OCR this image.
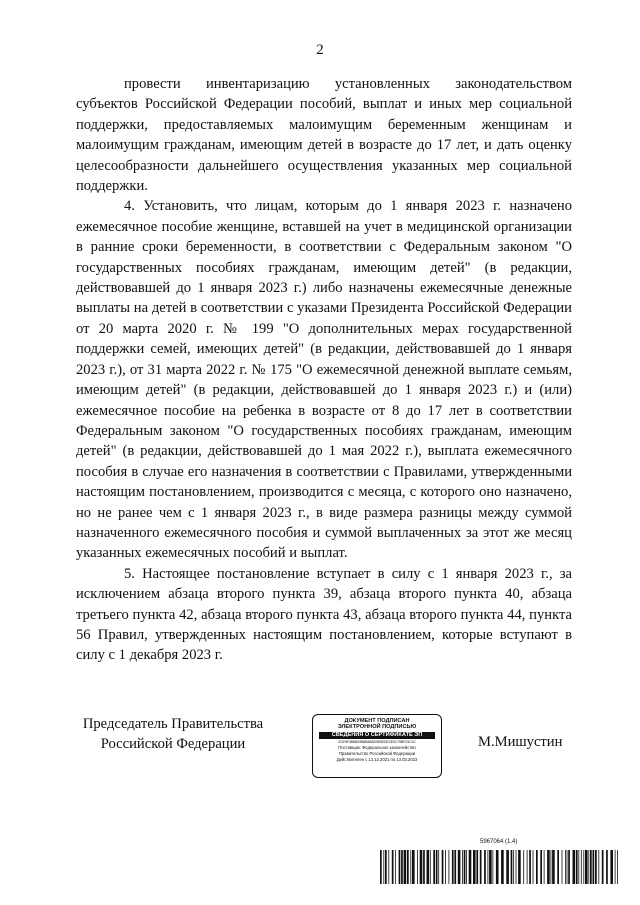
2

провести инвентаризацию установленных законодательством субъектов Российской Федерации пособий, выплат и иных мер социальной поддержки, предоставляемых малоимущим беременным женщинам и малоимущим гражданам, имеющим детей в возрасте до 17 лет, и дать оценку целесообразности дальнейшего осуществления указанных мер социальной поддержки.

4. Установить, что лицам, которым до 1 января 2023 г. назначено ежемесячное пособие женщине, вставшей на учет в медицинской организации в ранние сроки беременности, в соответствии с Федеральным законом "О государственных пособиях гражданам, имеющим детей" (в редакции, действовавшей до 1 января 2023 г.) либо назначены ежемесячные денежные выплаты на детей в соответствии с указами Президента Российской Федерации от 20 марта 2020 г. № 199 "О дополнительных мерах государственной поддержки семей, имеющих детей" (в редакции, действовавшей до 1 января 2023 г.), от 31 марта 2022 г. № 175 "О ежемесячной денежной выплате семьям, имеющим детей" (в редакции, действовавшей до 1 января 2023 г.) и (или) ежемесячное пособие на ребенка в возрасте от 8 до 17 лет в соответствии Федеральным законом "О государственных пособиях гражданам, имеющим детей" (в редакции, действовавшей до 1 мая 2022 г.), выплата ежемесячного пособия в случае его назначения в соответствии с Правилами, утвержденными настоящим постановлением, производится с месяца, с которого оно назначено, но не ранее чем с 1 января 2023 г., в виде размера разницы между суммой назначенного ежемесячного пособия и суммой выплаченных за этот же месяц указанных ежемесячных пособий и выплат.

5. Настоящее постановление вступает в силу с 1 января 2023 г., за исключением абзаца второго пункта 39, абзаца второго пункта 40, абзаца третьего пункта 42, абзаца второго пункта 43, абзаца второго пункта 44, пункта 56 Правил, утвержденных настоящим постановлением, которые вступают в силу с 1 декабря 2023 г.

Председатель Правительства
Российской Федерации
ДОКУМЕНТ ПОДПИСАН
ЭЛЕКТРОННОЙ ПОДПИСЬЮ
СВЕДЕНИЯ О СЕРТИФИКАТЕ ЭП
2CE9F3B8B39B8B8A5D9E82DE2E01798FC5C1C
Поставщик: Федеральное казначейство
Правительство Российской Федерации
Действителен с 13.12.2021 по 13.03.2023
М.Мишустин
5967064 (1.4)
